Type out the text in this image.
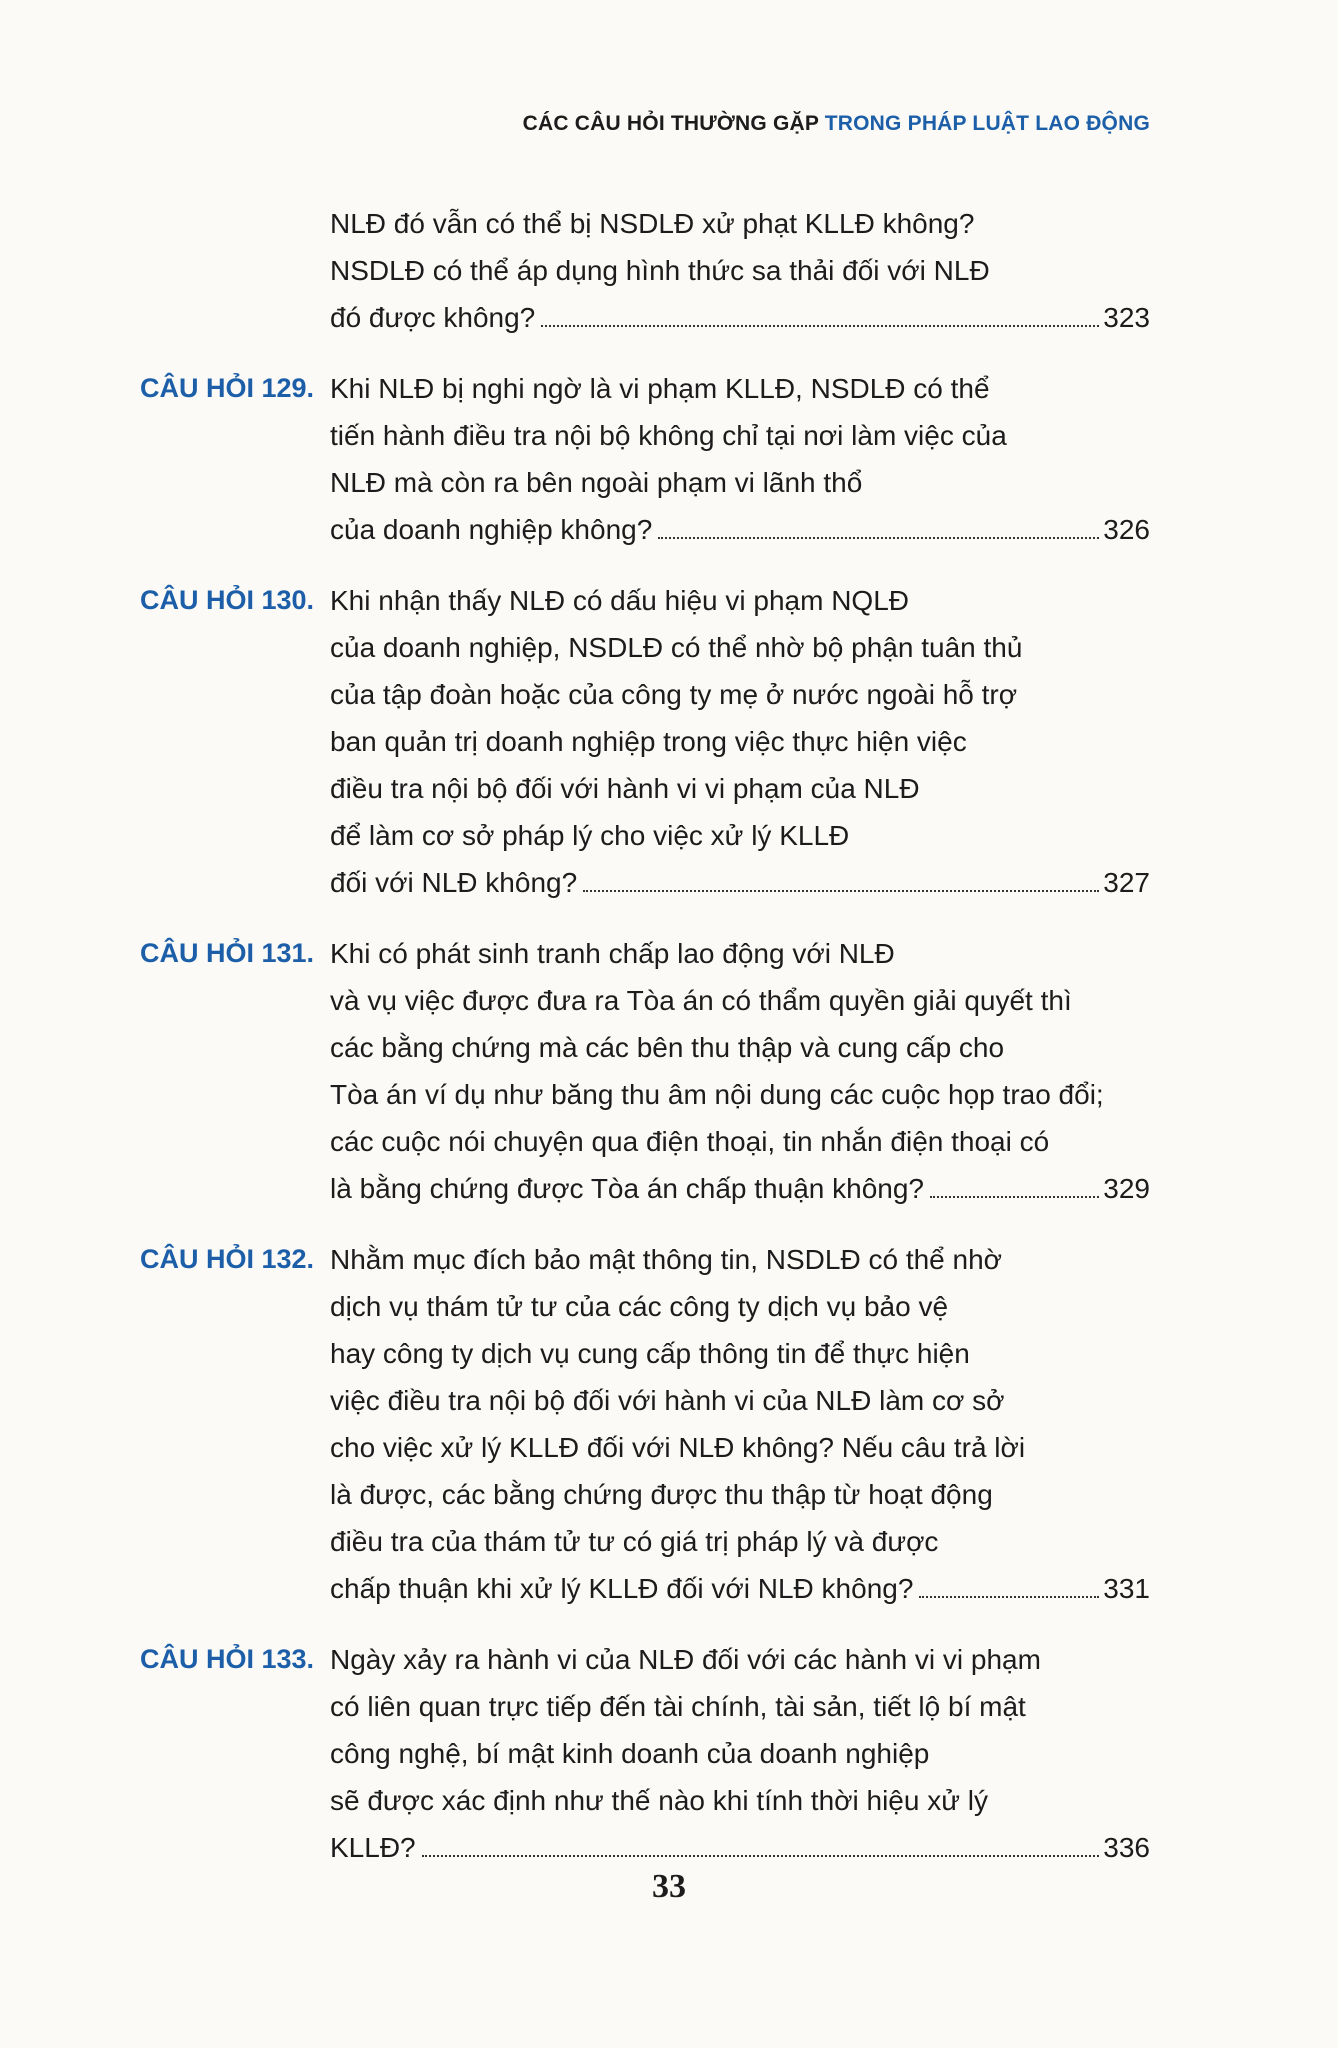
CÁC CÂU HỎI THƯỜNG GẶP TRONG PHÁP LUẬT LAO ĐỘNG
NLĐ đó vẫn có thể bị NSDLĐ xử phạt KLLĐ không?
NSDLĐ có thể áp dụng hình thức sa thải đối với NLĐ
đó được không?	323
CÂU HỎI 129. Khi NLĐ bị nghi ngờ là vi phạm KLLĐ, NSDLĐ có thể
tiến hành điều tra nội bộ không chỉ tại nơi làm việc của
NLĐ mà còn ra bên ngoài phạm vi lãnh thổ
của doanh nghiệp không?	326
CÂU HỎI 130. Khi nhận thấy NLĐ có dấu hiệu vi phạm NQLĐ
của doanh nghiệp, NSDLĐ có thể nhờ bộ phận tuân thủ
của tập đoàn hoặc của công ty mẹ ở nước ngoài hỗ trợ
ban quản trị doanh nghiệp trong việc thực hiện việc
điều tra nội bộ đối với hành vi vi phạm của NLĐ
để làm cơ sở pháp lý cho việc xử lý KLLĐ
đối với NLĐ không?	327
CÂU HỎI 131. Khi có phát sinh tranh chấp lao động với NLĐ
và vụ việc được đưa ra Tòa án có thẩm quyền giải quyết thì
các bằng chứng mà các bên thu thập và cung cấp cho
Tòa án ví dụ như băng thu âm nội dung các cuộc họp trao đổi;
các cuộc nói chuyện qua điện thoại, tin nhắn điện thoại có
là bằng chứng được Tòa án chấp thuận không?	329
CÂU HỎI 132. Nhằm mục đích bảo mật thông tin, NSDLĐ có thể nhờ
dịch vụ thám tử tư của các công ty dịch vụ bảo vệ
hay công ty dịch vụ cung cấp thông tin để thực hiện
việc điều tra nội bộ đối với hành vi của NLĐ làm cơ sở
cho việc xử lý KLLĐ đối với NLĐ không? Nếu câu trả lời
là được, các bằng chứng được thu thập từ hoạt động
điều tra của thám tử tư có giá trị pháp lý và được
chấp thuận khi xử lý KLLĐ đối với NLĐ không?	331
CÂU HỎI 133. Ngày xảy ra hành vi của NLĐ đối với các hành vi vi phạm
có liên quan trực tiếp đến tài chính, tài sản, tiết lộ bí mật
công nghệ, bí mật kinh doanh của doanh nghiệp
sẽ được xác định như thế nào khi tính thời hiệu xử lý
KLLĐ?	336
33
